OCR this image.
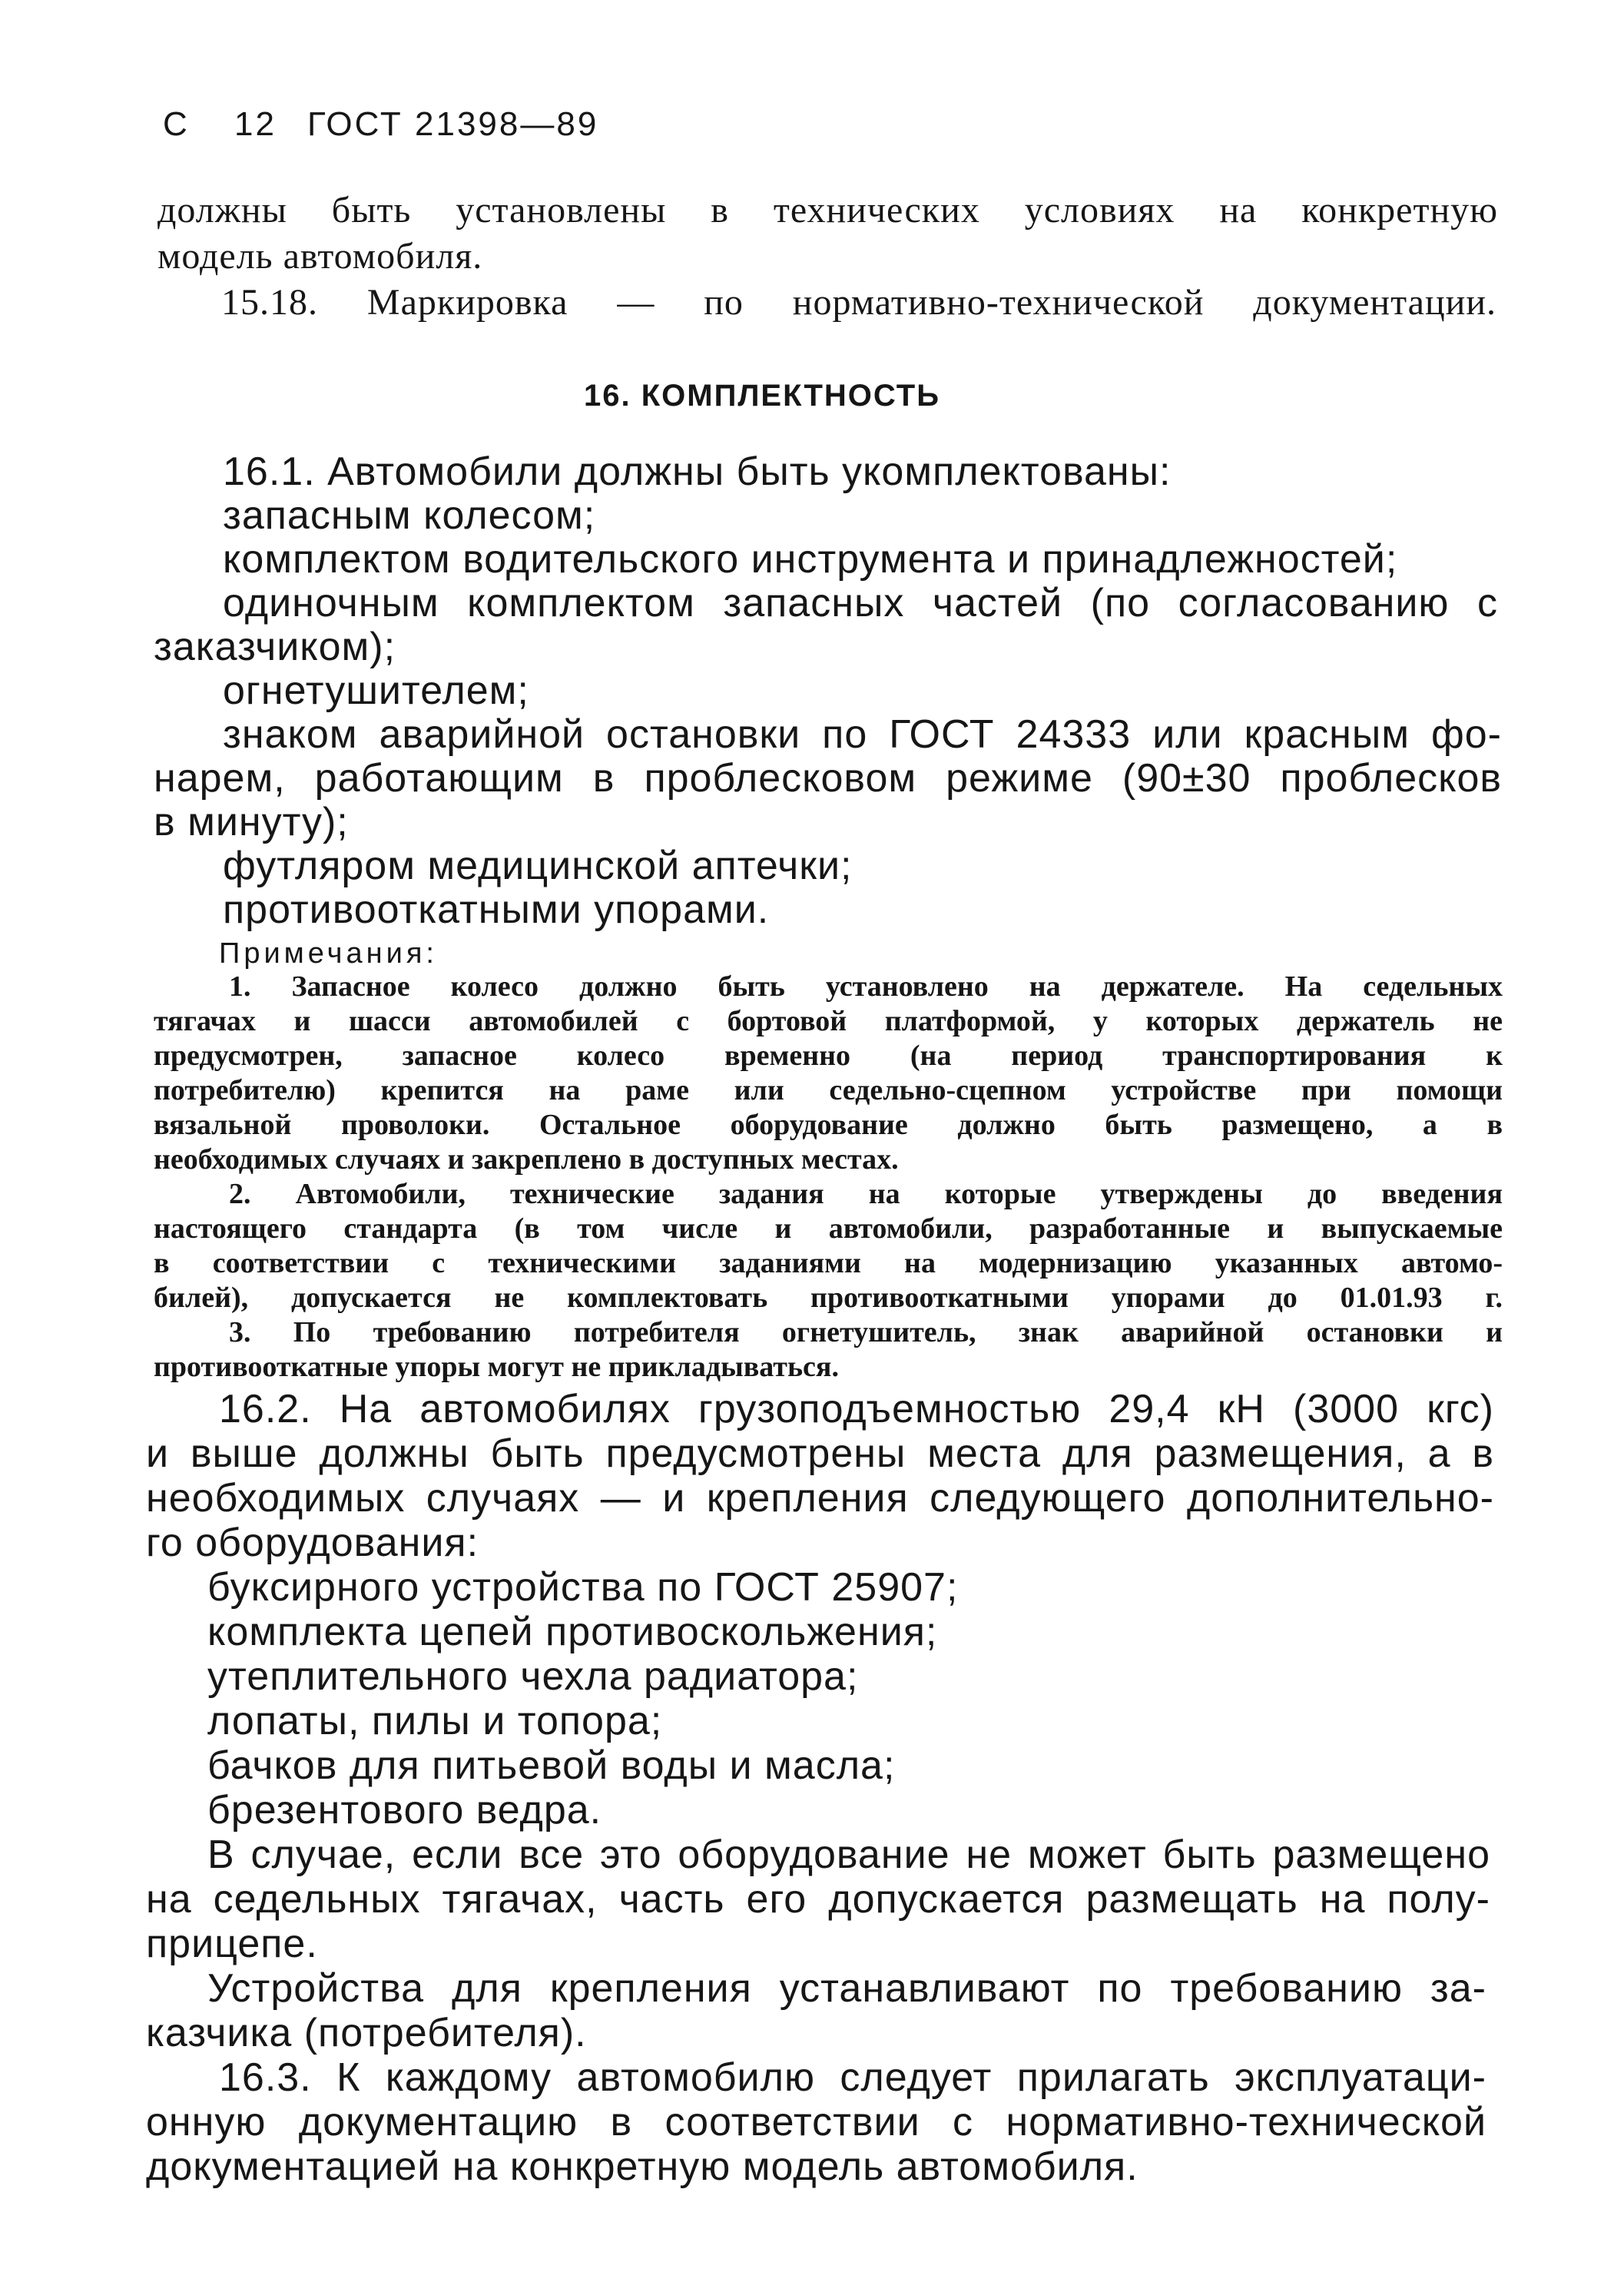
С 12 ГОСТ 21398—89
должны быть установлены в технических условиях на конкретную
модель автомобиля.
15.18. Маркировка — по нормативно-технической документации.
16. КОМПЛЕКТНОСТЬ
16.1. Автомобили должны быть укомплектованы:
запасным колесом;
комплектом водительского инструмента и принадлежностей;
одиночным комплектом запасных частей (по согласованию с
заказчиком);
огнетушителем;
знаком аварийной остановки по ГОСТ 24333 или красным фо-
нарем, работающим в проблесковом режиме (90±30 проблесков
в минуту);
футляром медицинской аптечки;
противооткатными упорами.
Примечания:
1. Запасное колесо должно быть установлено на держателе. На седельных
тягачах и шасси автомобилей с бортовой платформой, у которых держатель не
предусмотрен, запасное колесо временно (на период транспортирования к
потребителю) крепится на раме или седельно-сцепном устройстве при помощи
вязальной проволоки. Остальное оборудование должно быть размещено, а в
необходимых случаях и закреплено в доступных местах.
2. Автомобили, технические задания на которые утверждены до введения
настоящего стандарта (в том числе и автомобили, разработанные и выпускаемые
в соответствии с техническими заданиями на модернизацию указанных автомо-
билей), допускается не комплектовать противооткатными упорами до 01.01.93 г.
3. По требованию потребителя огнетушитель, знак аварийной остановки и
противооткатные упоры могут не прикладываться.
16.2. На автомобилях грузоподъемностью 29,4 кН (3000 кгс)
и выше должны быть предусмотрены места для размещения, а в
необходимых случаях — и крепления следующего дополнительно-
го оборудования:
буксирного устройства по ГОСТ 25907;
комплекта цепей противоскольжения;
утеплительного чехла радиатора;
лопаты, пилы и топора;
бачков для питьевой воды и масла;
брезентового ведра.
В случае, если все это оборудование не может быть размещено
на седельных тягачах, часть его допускается размещать на полу-
прицепе.
Устройства для крепления устанавливают по требованию за-
казчика (потребителя).
16.3. К каждому автомобилю следует прилагать эксплуатаци-
онную документацию в соответствии с нормативно-технической
документацией на конкретную модель автомобиля.
